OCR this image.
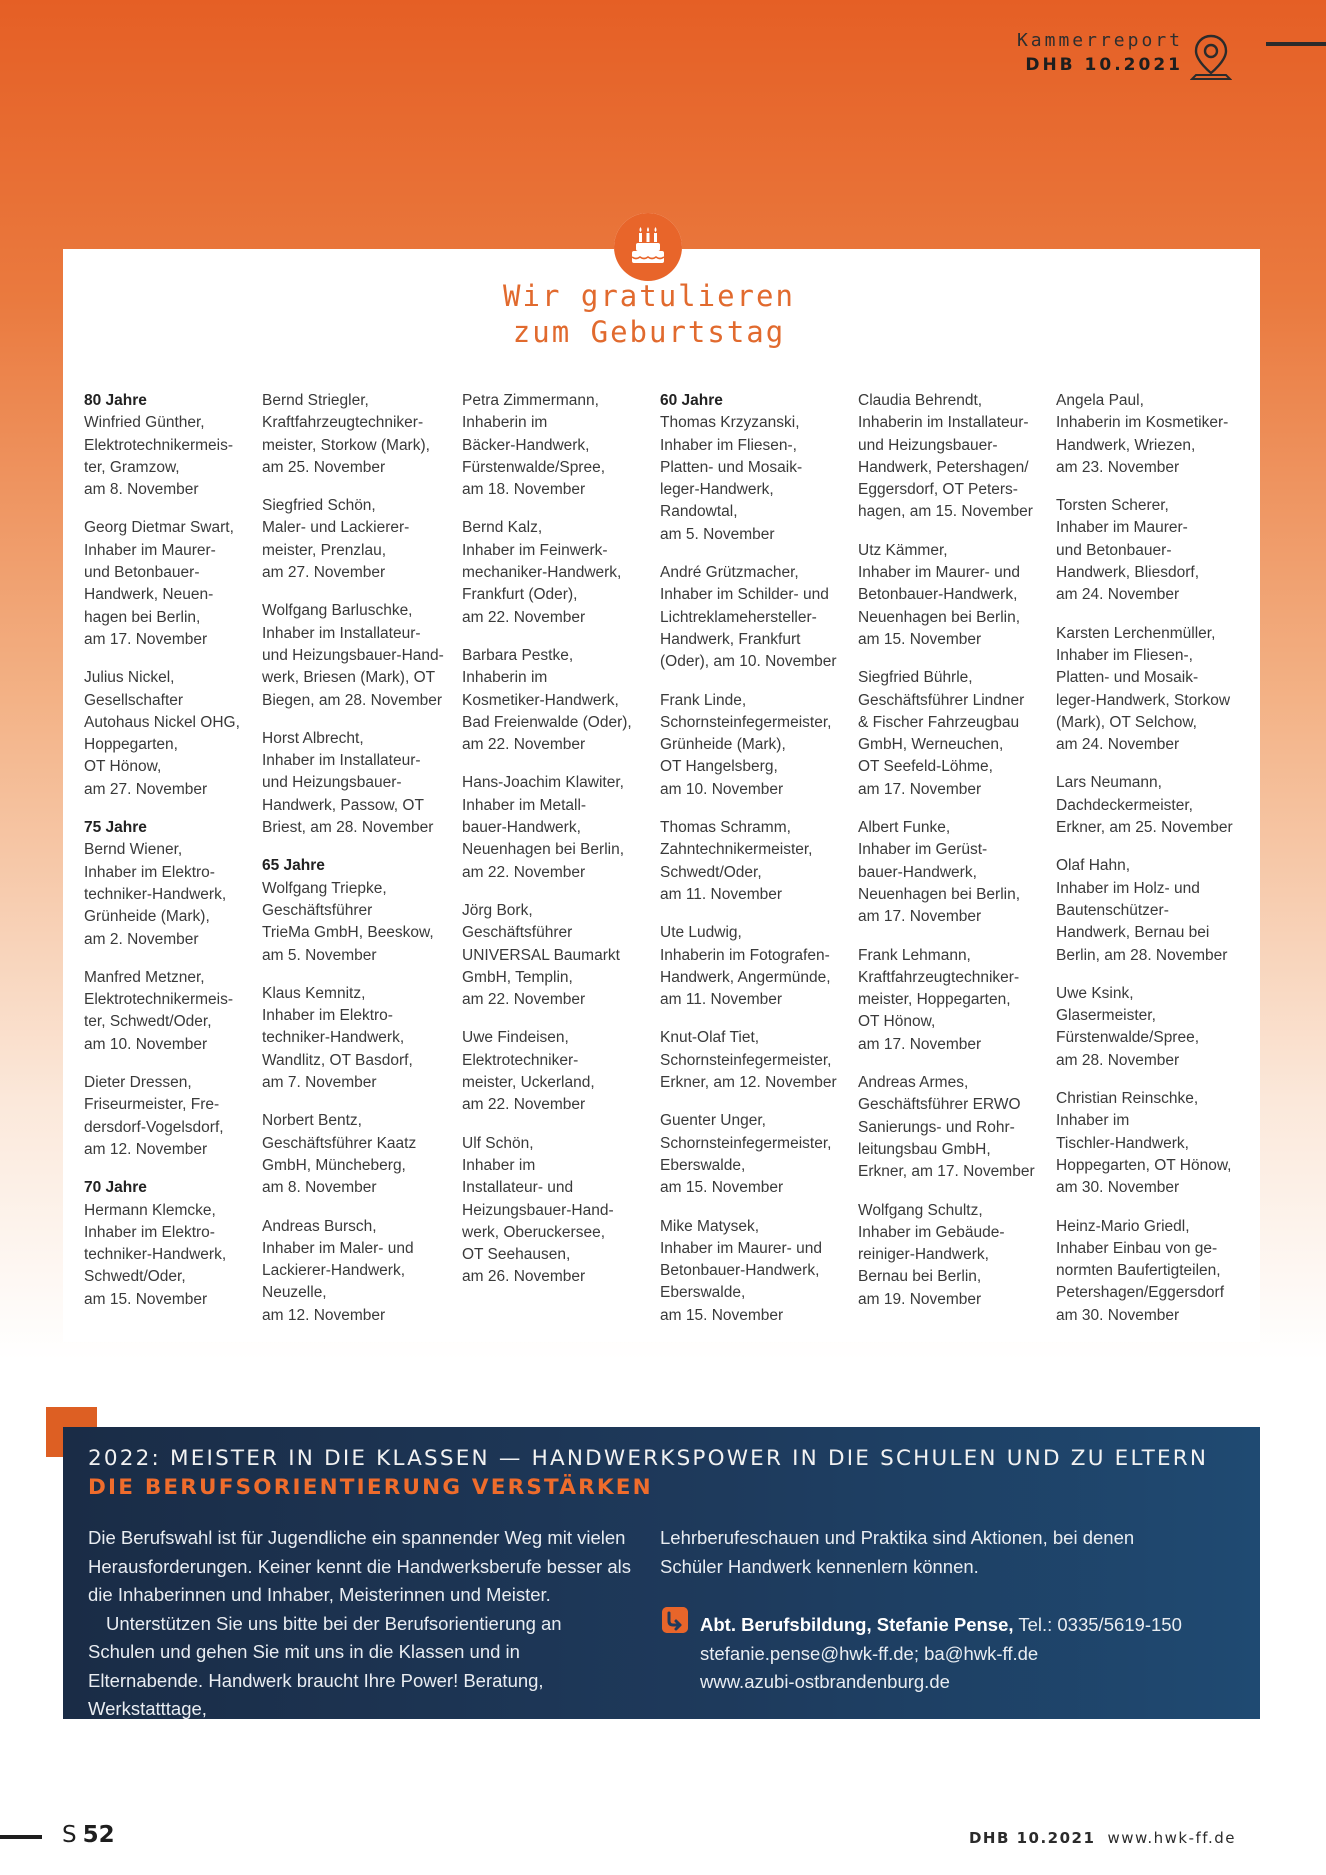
Kammerreport
DHB 10.2021
Wir gratulieren
zum Geburtstag
80 Jahre
Winfried Günther,
Elektrotechnikermeis-
ter, Gramzow,
am 8. November
Georg Dietmar Swart,
Inhaber im Maurer-
und Betonbauer-
Handwerk, Neuen-
hagen bei Berlin,
am 17. November
Julius Nickel,
Gesellschafter
Autohaus Nickel OHG,
Hoppegarten,
OT Hönow,
am 27. November
75 Jahre
Bernd Wiener,
Inhaber im Elektro-
techniker-Handwerk,
Grünheide (Mark),
am 2. November
Manfred Metzner,
Elektrotechnikermeis-
ter, Schwedt/Oder,
am 10. November
Dieter Dressen,
Friseurmeister, Fre-
dersdorf-Vogelsdorf,
am 12. November
70 Jahre
Hermann Klemcke,
Inhaber im Elektro-
techniker-Handwerk,
Schwedt/Oder,
am 15. November
Bernd Striegler,
Kraftfahrzeugtechniker-
meister, Storkow (Mark),
am 25. November
Siegfried Schön,
Maler- und Lackierer-
meister, Prenzlau,
am 27. November
Wolfgang Barluschke,
Inhaber im Installateur-
und Heizungsbauer-Hand-
werk, Briesen (Mark), OT
Biegen, am 28. November
Horst Albrecht,
Inhaber im Installateur-
und Heizungsbauer-
Handwerk, Passow, OT
Briest, am 28. November
65 Jahre
Wolfgang Triepke,
Geschäftsführer
TrieMa GmbH, Beeskow,
am 5. November
Klaus Kemnitz,
Inhaber im Elektro-
techniker-Handwerk,
Wandlitz, OT Basdorf,
am 7. November
Norbert Bentz,
Geschäftsführer Kaatz
GmbH, Müncheberg,
am 8. November
Andreas Bursch,
Inhaber im Maler- und
Lackierer-Handwerk,
Neuzelle,
am 12. November
Petra Zimmermann,
Inhaberin im
Bäcker-Handwerk,
Fürstenwalde/Spree,
am 18. November
Bernd Kalz,
Inhaber im Feinwerk-
mechaniker-Handwerk,
Frankfurt (Oder),
am 22. November
Barbara Pestke,
Inhaberin im
Kosmetiker-Handwerk,
Bad Freienwalde (Oder),
am 22. November
Hans-Joachim Klawiter,
Inhaber im Metall-
bauer-Handwerk,
Neuenhagen bei Berlin,
am 22. November
Jörg Bork,
Geschäftsführer
UNIVERSAL Baumarkt
GmbH, Templin,
am 22. November
Uwe Findeisen,
Elektrotechniker-
meister, Uckerland,
am 22. November
Ulf Schön,
Inhaber im
Installateur- und
Heizungsbauer-Hand-
werk, Oberuckersee,
OT Seehausen,
am 26. November
60 Jahre
Thomas Krzyzanski,
Inhaber im Fliesen-,
Platten- und Mosaik-
leger-Handwerk,
Randowtal,
am 5. November
André Grützmacher,
Inhaber im Schilder- und
Lichtreklamehersteller-
Handwerk, Frankfurt
(Oder), am 10. November
Frank Linde,
Schornsteinfegermeister,
Grünheide (Mark),
OT Hangelsberg,
am 10. November
Thomas Schramm,
Zahntechnikermeister,
Schwedt/Oder,
am 11. November
Ute Ludwig,
Inhaberin im Fotografen-
Handwerk, Angermünde,
am 11. November
Knut-Olaf Tiet,
Schornsteinfegermeister,
Erkner, am 12. November
Guenter Unger,
Schornsteinfegermeister,
Eberswalde,
am 15. November
Mike Matysek,
Inhaber im Maurer- und
Betonbauer-Handwerk,
Eberswalde,
am 15. November
Claudia Behrendt,
Inhaberin im Installateur-
und Heizungsbauer-
Handwerk, Petershagen/
Eggersdorf, OT Peters-
hagen, am 15. November
Utz Kämmer,
Inhaber im Maurer- und
Betonbauer-Handwerk,
Neuenhagen bei Berlin,
am 15. November
Siegfried Bührle,
Geschäftsführer Lindner
& Fischer Fahrzeugbau
GmbH, Werneuchen,
OT Seefeld-Löhme,
am 17. November
Albert Funke,
Inhaber im Gerüst-
bauer-Handwerk,
Neuenhagen bei Berlin,
am 17. November
Frank Lehmann,
Kraftfahrzeugtechniker-
meister, Hoppegarten,
OT Hönow,
am 17. November
Andreas Armes,
Geschäftsführer ERWO
Sanierungs- und Rohr-
leitungsbau GmbH,
Erkner, am 17. November
Wolfgang Schultz,
Inhaber im Gebäude-
reiniger-Handwerk,
Bernau bei Berlin,
am 19. November
Angela Paul,
Inhaberin im Kosmetiker-
Handwerk, Wriezen,
am 23. November
Torsten Scherer,
Inhaber im Maurer-
und Betonbauer-
Handwerk, Bliesdorf,
am 24. November
Karsten Lerchenmüller,
Inhaber im Fliesen-,
Platten- und Mosaik-
leger-Handwerk, Storkow
(Mark), OT Selchow,
am 24. November
Lars Neumann,
Dachdeckermeister,
Erkner, am 25. November
Olaf Hahn,
Inhaber im Holz- und
Bautenschützer-
Handwerk, Bernau bei
Berlin, am 28. November
Uwe Ksink,
Glasermeister,
Fürstenwalde/Spree,
am 28. November
Christian Reinschke,
Inhaber im
Tischler-Handwerk,
Hoppegarten, OT Hönow,
am 30. November
Heinz-Mario Griedl,
Inhaber Einbau von ge-
normten Baufertigteilen,
Petershagen/Eggersdorf
am 30. November
2022: MEISTER IN DIE KLASSEN — HANDWERKSPOWER IN DIE SCHULEN UND ZU ELTERN
DIE BERUFSORIENTIERUNG VERSTÄRKEN

Die Berufswahl ist für Jugendliche ein spannender Weg mit vielen Herausforderungen. Keiner kennt die Handwerksberufe besser als die Inhaberinnen und Inhaber, Meisterinnen und Meister.

Unterstützen Sie uns bitte bei der Berufsorientierung an Schulen und gehen Sie mit uns in die Klassen und in Elternabende. Handwerk braucht Ihre Power! Beratung, Werkstatttage,

Lehrberufeschauen und Praktika sind Aktionen, bei denen Schüler Handwerk kennenlern können.
Abt. Berufsbildung, Stefanie Pense, Tel.: 0335/5619-150
stefanie.pense@hwk-ff.de; ba@hwk-ff.de
www.azubi-ostbrandenburg.de
S 52	DHB 10.2021 www.hwk-ff.de
